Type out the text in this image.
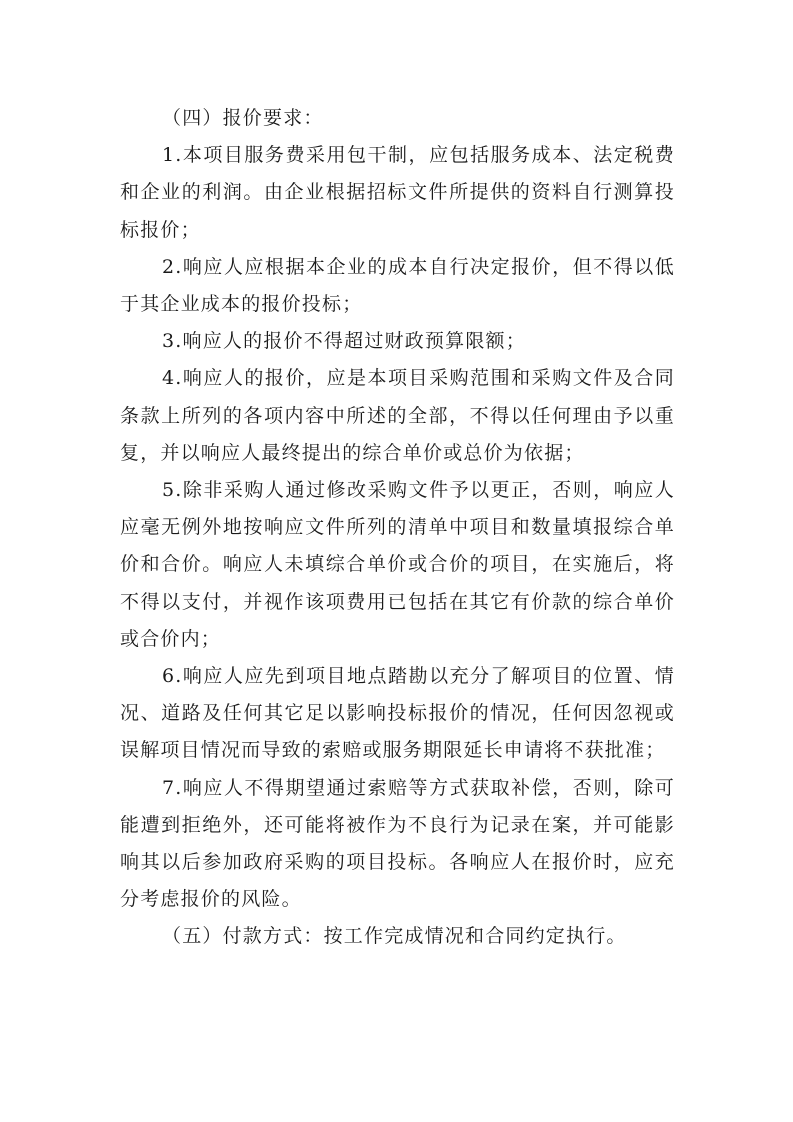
（四）报价要求：

1.本项目服务费采用包干制，应包括服务成本、法定税费和企业的利润。由企业根据招标文件所提供的资料自行测算投标报价；

2.响应人应根据本企业的成本自行决定报价，但不得以低于其企业成本的报价投标；

3.响应人的报价不得超过财政预算限额；

4.响应人的报价，应是本项目采购范围和采购文件及合同条款上所列的各项内容中所述的全部，不得以任何理由予以重复，并以响应人最终提出的综合单价或总价为依据；

5.除非采购人通过修改采购文件予以更正，否则，响应人应毫无例外地按响应文件所列的清单中项目和数量填报综合单价和合价。响应人未填综合单价或合价的项目，在实施后，将不得以支付，并视作该项费用已包括在其它有价款的综合单价或合价内；

6.响应人应先到项目地点踏勘以充分了解项目的位置、情况、道路及任何其它足以影响投标报价的情况，任何因忽视或误解项目情况而导致的索赔或服务期限延长申请将不获批准；

7.响应人不得期望通过索赔等方式获取补偿，否则，除可能遭到拒绝外，还可能将被作为不良行为记录在案，并可能影响其以后参加政府采购的项目投标。各响应人在报价时，应充分考虑报价的风险。

（五）付款方式：按工作完成情况和合同约定执行。
